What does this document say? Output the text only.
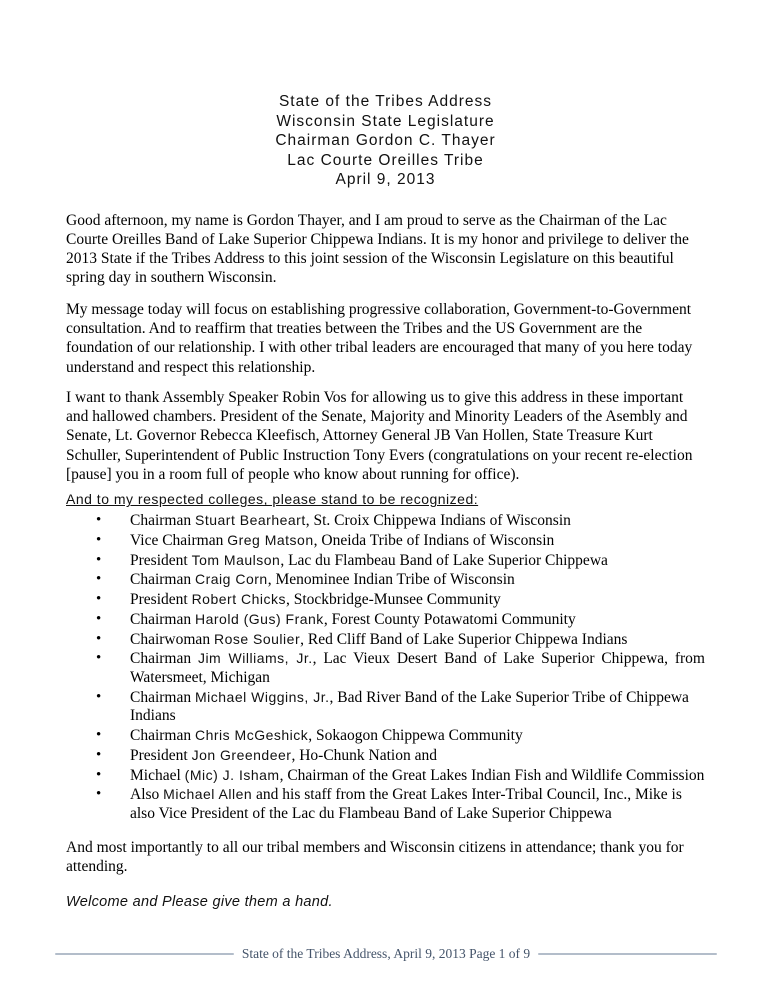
State of the Tribes Address
Wisconsin State Legislature
Chairman Gordon C. Thayer
Lac Courte Oreilles Tribe
April 9, 2013

Good afternoon, my name is Gordon Thayer, and I am proud to serve as the Chairman of the Lac Courte Oreilles Band of Lake Superior Chippewa Indians. It is my honor and privilege to deliver the 2013 State if the Tribes Address to this joint session of the Wisconsin Legislature on this beautiful spring day in southern Wisconsin.

My message today will focus on establishing progressive collaboration, Government-to-Government consultation. And to reaffirm that treaties between the Tribes and the US Government are the foundation of our relationship. I with other tribal leaders are encouraged that many of you here today understand and respect this relationship.

I want to thank Assembly Speaker Robin Vos for allowing us to give this address in these important and hallowed chambers. President of the Senate, Majority and Minority Leaders of the Asembly and Senate, Lt. Governor Rebecca Kleefisch, Attorney General JB Van Hollen, State Treasure Kurt Schuller, Superintendent of Public Instruction Tony Evers (congratulations on your recent re-election [pause] you in a room full of people who know about running for office).

And to my respected colleges, please stand to be recognized:
• Chairman Stuart Bearheart, St. Croix Chippewa Indians of Wisconsin
• Vice Chairman Greg Matson, Oneida Tribe of Indians of Wisconsin
• President Tom Maulson, Lac du Flambeau Band of Lake Superior Chippewa
• Chairman Craig Corn, Menominee Indian Tribe of Wisconsin
• President Robert Chicks, Stockbridge-Munsee Community
• Chairman Harold (Gus) Frank, Forest County Potawatomi Community
• Chairwoman Rose Soulier, Red Cliff Band of Lake Superior Chippewa Indians
• Chairman Jim Williams, Jr., Lac Vieux Desert Band of Lake Superior Chippewa, from Watersmeet, Michigan
• Chairman Michael Wiggins, Jr., Bad River Band of the Lake Superior Tribe of Chippewa Indians
• Chairman Chris McGeshick, Sokaogon Chippewa Community
• President Jon Greendeer, Ho-Chunk Nation and
• Michael (Mic) J. Isham, Chairman of the Great Lakes Indian Fish and Wildlife Commission
• Also Michael Allen and his staff from the Great Lakes Inter-Tribal Council, Inc., Mike is also Vice President of the Lac du Flambeau Band of Lake Superior Chippewa

And most importantly to all our tribal members and Wisconsin citizens in attendance; thank you for attending.

Welcome and Please give them a hand.

State of the Tribes Address, April 9, 2013 Page 1 of 9
